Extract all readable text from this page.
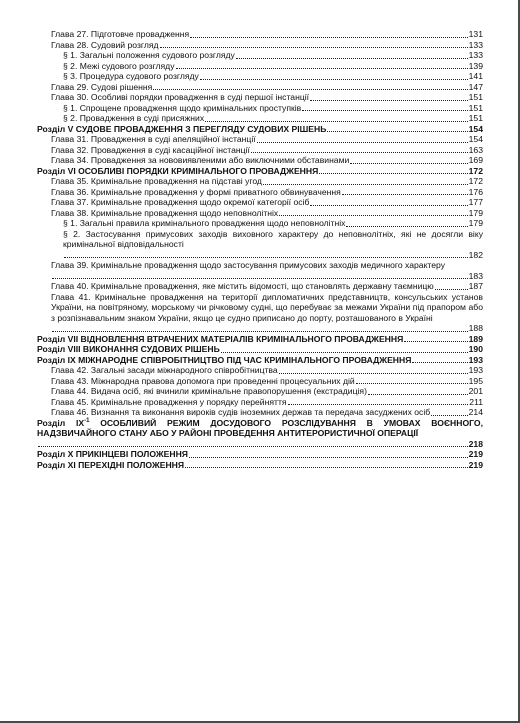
Глава 27. Підготовче провадження	131
Глава 28. Судовий розгляд	133
§ 1. Загальні положення судового розгляду	133
§ 2. Межі судового розгляду	139
§ 3. Процедура судового розгляду	141
Глава 29. Судові рішення	147
Глава 30. Особливі порядки провадження в суді першої інстанції	151
§ 1. Спрощене провадження щодо кримінальних проступків	151
§ 2. Провадження в суді присяжних	151
Розділ V СУДОВЕ ПРОВАДЖЕННЯ З ПЕРЕГЛЯДУ СУДОВИХ РІШЕНЬ	154
Глава 31. Провадження в суді апеляційної інстанції	154
Глава 32. Провадження в суді касаційної інстанції	163
Глава 34. Провадження за нововиявленими або виключними обставинами	169
Розділ VI ОСОБЛИВІ ПОРЯДКИ КРИМІНАЛЬНОГО ПРОВАДЖЕННЯ	172
Глава 35. Кримінальне провадження на підставі угод	172
Глава 36. Кримінальне провадження у формі приватного обвинувачення	176
Глава 37. Кримінальне провадження щодо окремої категорії осіб	177
Глава 38. Кримінальне провадження щодо неповнолітніх	179
§ 1. Загальні правила кримінального провадження щодо неповнолітніх	179
§ 2. Застосування примусових заходів виховного характеру до неповнолітніх, які не досягли віку кримінальної відповідальності
182
Глава 39. Кримінальне провадження щодо застосування примусових заходів медичного характеру
183
Глава 40. Кримінальне провадження, яке містить відомості, що становлять державну таємницю	187
Глава 41. Кримінальне провадження на території дипломатичних представництв, консульських установ України, на повітряному, морському чи річковому судні, що перебуває за межами України під прапором або з розпізнавальним знаком України, якщо це судно приписано до порту, розташованого в Україні
188
Розділ VII ВІДНОВЛЕННЯ ВТРАЧЕНИХ МАТЕРІАЛІВ КРИМІНАЛЬНОГО ПРОВАДЖЕННЯ	189
Розділ VIII ВИКОНАННЯ СУДОВИХ РІШЕНЬ	190
Розділ IX МІЖНАРОДНЕ СПІВРОБІТНИЦТВО ПІД ЧАС КРИМІНАЛЬНОГО ПРОВАДЖЕННЯ	193
Глава 42. Загальні засади міжнародного співробітництва	193
Глава 43. Міжнародна правова допомога при проведенні процесуальних дій	195
Глава 44. Видача осіб, які вчинили кримінальне правопорушення (екстрадиція)	201
Глава 45. Кримінальне провадження у порядку перейняття	211
Глава 46. Визнання та виконання вироків судів іноземних держав та передача засуджених осіб	214
Розділ $ІХ^{-1}$ ОСОБЛИВИЙ РЕЖИМ ДОСУДОВОГО РОЗСЛІДУВАННЯ В УМОВАХ ВОЄННОГО, НАДЗВИЧАЙНОГО СТАНУ АБО У РАЙОНІ ПРОВЕДЕННЯ АНТИТЕРОРИСТИЧНОЇ ОПЕРАЦІЇ
218
Розділ X ПРИКІНЦЕВІ ПОЛОЖЕННЯ	219
Розділ XI ПЕРЕХІДНІ ПОЛОЖЕННЯ	219
